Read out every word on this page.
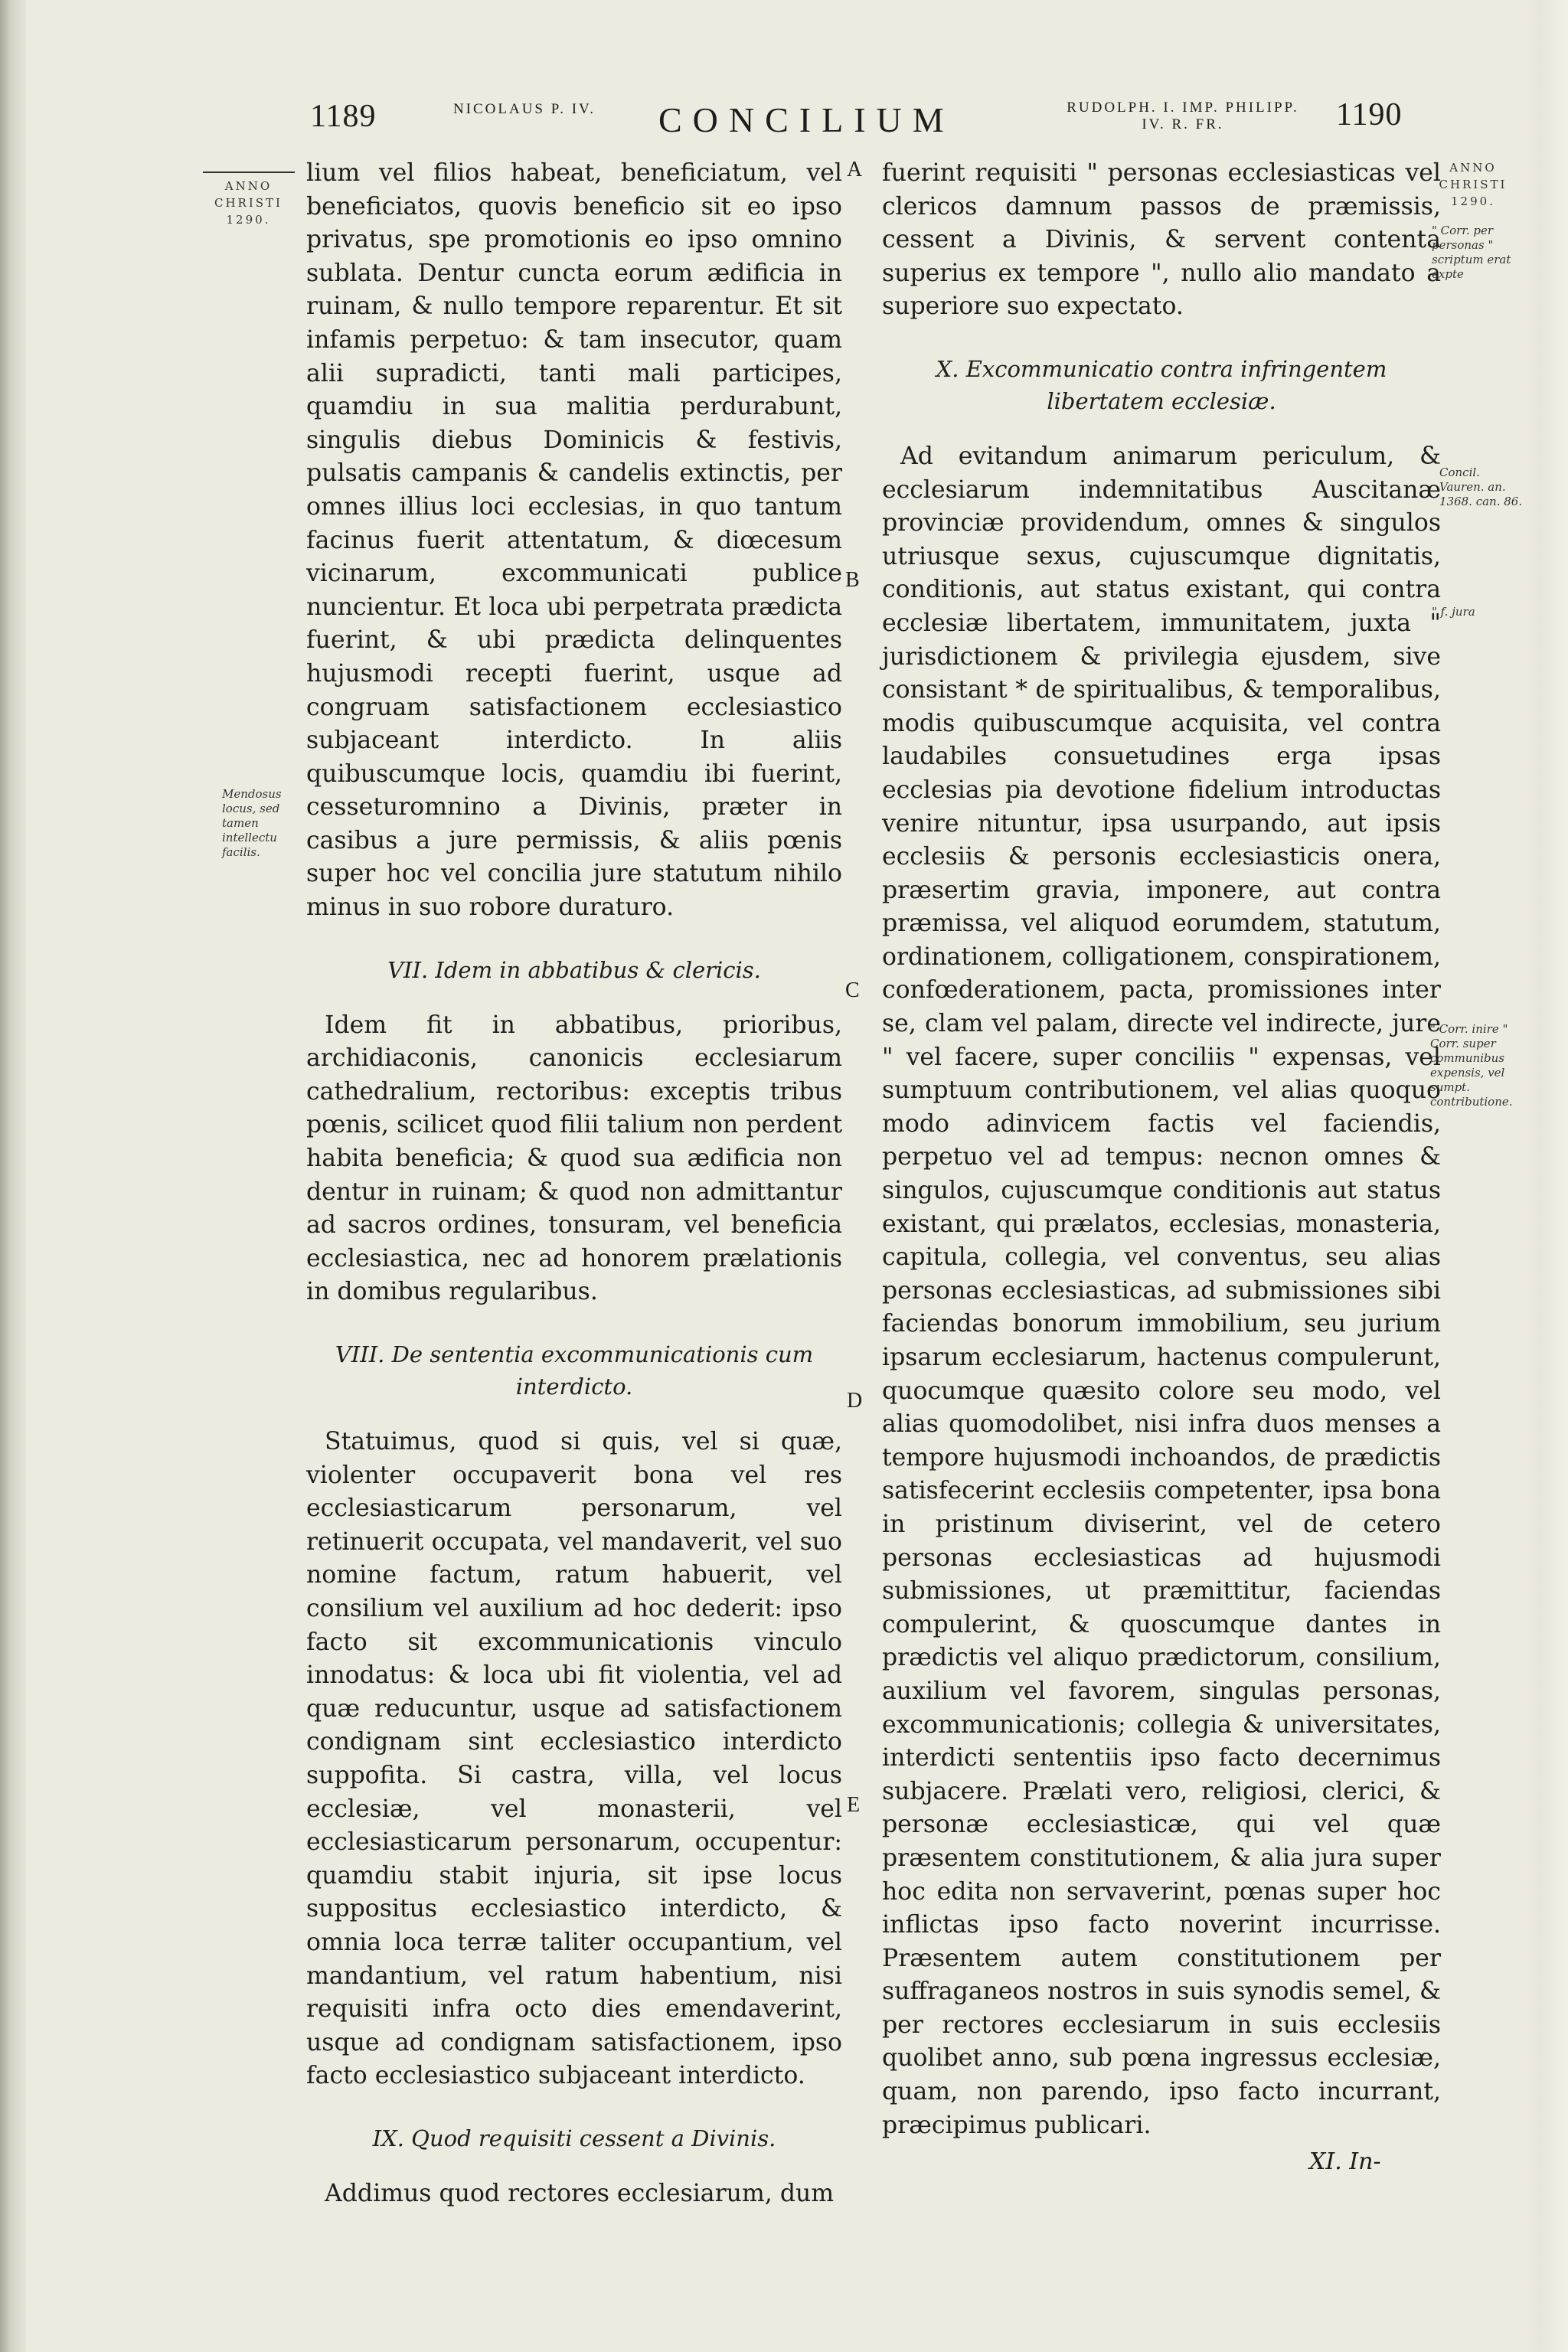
1189	NICOLAUS P. IV. CONCILIUM	RUDOLPH. I. IMP. PHILIPP. IV. R. FR.	1190
ANNO CHRISTI 1290.
Mendosus locus, sed tamen intellectu facilis.
ANNO CHRISTI 1290.
" Corr. per personas " scriptum erat expte
Concil. Vauren. an. 1368. can. 86.
" f. jura
" Corr. inire " Corr. super communibus expensis, vel sumpt. contributione.
A
B
C
D
E

lium vel filios habeat, beneficiatum, vel beneficiatos, quovis beneficio sit eo ipso privatus, spe promotionis eo ipso omnino sublata. Dentur cuncta eorum ædificia in ruinam, & nullo tempore reparentur. Et sit infamis perpetuo: & tam insecutor, quam alii supradicti, tanti mali participes, quamdiu in sua malitia perdurabunt, singulis diebus Dominicis & festivis, pulsatis campanis & candelis extinctis, per omnes illius loci ecclesias, in quo tantum facinus fuerit attentatum, & diœcesum vicinarum, excommunicati publice nuncientur. Et loca ubi perpetrata prædicta fuerint, & ubi prædicta delinquentes hujusmodi recepti fuerint, usque ad congruam satisfactionem ecclesiastico subjaceant interdicto. In aliis quibuscumque locis, quamdiu ibi fuerint, cesseturomnino a Divinis, præter in casibus a jure permissis, & aliis pœnis super hoc vel concilia jure statutum nihilo minus in suo robore duraturo.

VII. Idem in abbatibus & clericis.

Idem fit in abbatibus, prioribus, archidiaconis, canonicis ecclesiarum cathedralium, rectoribus: exceptis tribus pœnis, scilicet quod filii talium non perdent habita beneficia; & quod sua ædificia non dentur in ruinam; & quod non admittantur ad sacros ordines, tonsuram, vel beneficia ecclesiastica, nec ad honorem prælationis in domibus regularibus.

VIII. De sententia excommunicationis cum interdicto.

Statuimus, quod si quis, vel si quæ, violenter occupaverit bona vel res ecclesiasticarum personarum, vel retinuerit occupata, vel mandaverit, vel suo nomine factum, ratum habuerit, vel consilium vel auxilium ad hoc dederit: ipso facto sit excommunicationis vinculo innodatus: & loca ubi fit violentia, vel ad quæ reducuntur, usque ad satisfactionem condignam sint ecclesiastico interdicto suppofita. Si castra, villa, vel locus ecclesiæ, vel monasterii, vel ecclesiasticarum personarum, occupentur: quamdiu stabit injuria, sit ipse locus suppositus ecclesiastico interdicto, & omnia loca terræ taliter occupantium, vel mandantium, vel ratum habentium, nisi requisiti infra octo dies emendaverint, usque ad condignam satisfactionem, ipso facto ecclesiastico subjaceant interdicto.

IX. Quod requisiti cessent a Divinis.

Addimus quod rectores ecclesiarum, dum

fuerint requisiti " personas ecclesiasticas vel clericos damnum passos de præmissis, cessent a Divinis, & servent contenta superius ex tempore ", nullo alio mandato a superiore suo expectato.

X. Excommunicatio contra infringentem libertatem ecclesiæ.

Ad evitandum animarum periculum, & ecclesiarum indemnitatibus Auscitanæ provinciæ providendum, omnes & singulos utriusque sexus, cujuscumque dignitatis, conditionis, aut status existant, qui contra ecclesiæ libertatem, immunitatem, juxta " jurisdictionem & privilegia ejusdem, sive consistant * de spiritualibus, & temporalibus, modis quibuscumque acquisita, vel contra laudabiles consuetudines erga ipsas ecclesias pia devotione fidelium introductas venire nituntur, ipsa usurpando, aut ipsis ecclesiis & personis ecclesiasticis onera, præsertim gravia, imponere, aut contra præmissa, vel aliquod eorumdem, statutum, ordinationem, colligationem, conspirationem, confœderationem, pacta, promissiones inter se, clam vel palam, directe vel indirecte, jure " vel facere, super conciliis " expensas, vel sumptuum contributionem, vel alias quoquo modo adinvicem factis vel faciendis, perpetuo vel ad tempus: necnon omnes & singulos, cujuscumque conditionis aut status existant, qui prælatos, ecclesias, monasteria, capitula, collegia, vel conventus, seu alias personas ecclesiasticas, ad submissiones sibi faciendas bonorum immobilium, seu jurium ipsarum ecclesiarum, hactenus compulerunt, quocumque quæsito colore seu modo, vel alias quomodolibet, nisi infra duos menses a tempore hujusmodi inchoandos, de prædictis satisfecerint ecclesiis competenter, ipsa bona in pristinum diviserint, vel de cetero personas ecclesiasticas ad hujusmodi submissiones, ut præmittitur, faciendas compulerint, & quoscumque dantes in prædictis vel aliquo prædictorum, consilium, auxilium vel favorem, singulas personas, excommunicationis; collegia & universitates, interdicti sententiis ipso facto decernimus subjacere. Prælati vero, religiosi, clerici, & personæ ecclesiasticæ, qui vel quæ præsentem constitutionem, & alia jura super hoc edita non servaverint, pœnas super hoc inflictas ipso facto noverint incurrisse. Præsentem autem constitutionem per suffraganeos nostros in suis synodis semel, & per rectores ecclesiarum in suis ecclesiis quolibet anno, sub pœna ingressus ecclesiæ, quam, non parendo, ipso facto incurrant, præcipimus publicari.

XI. In-
